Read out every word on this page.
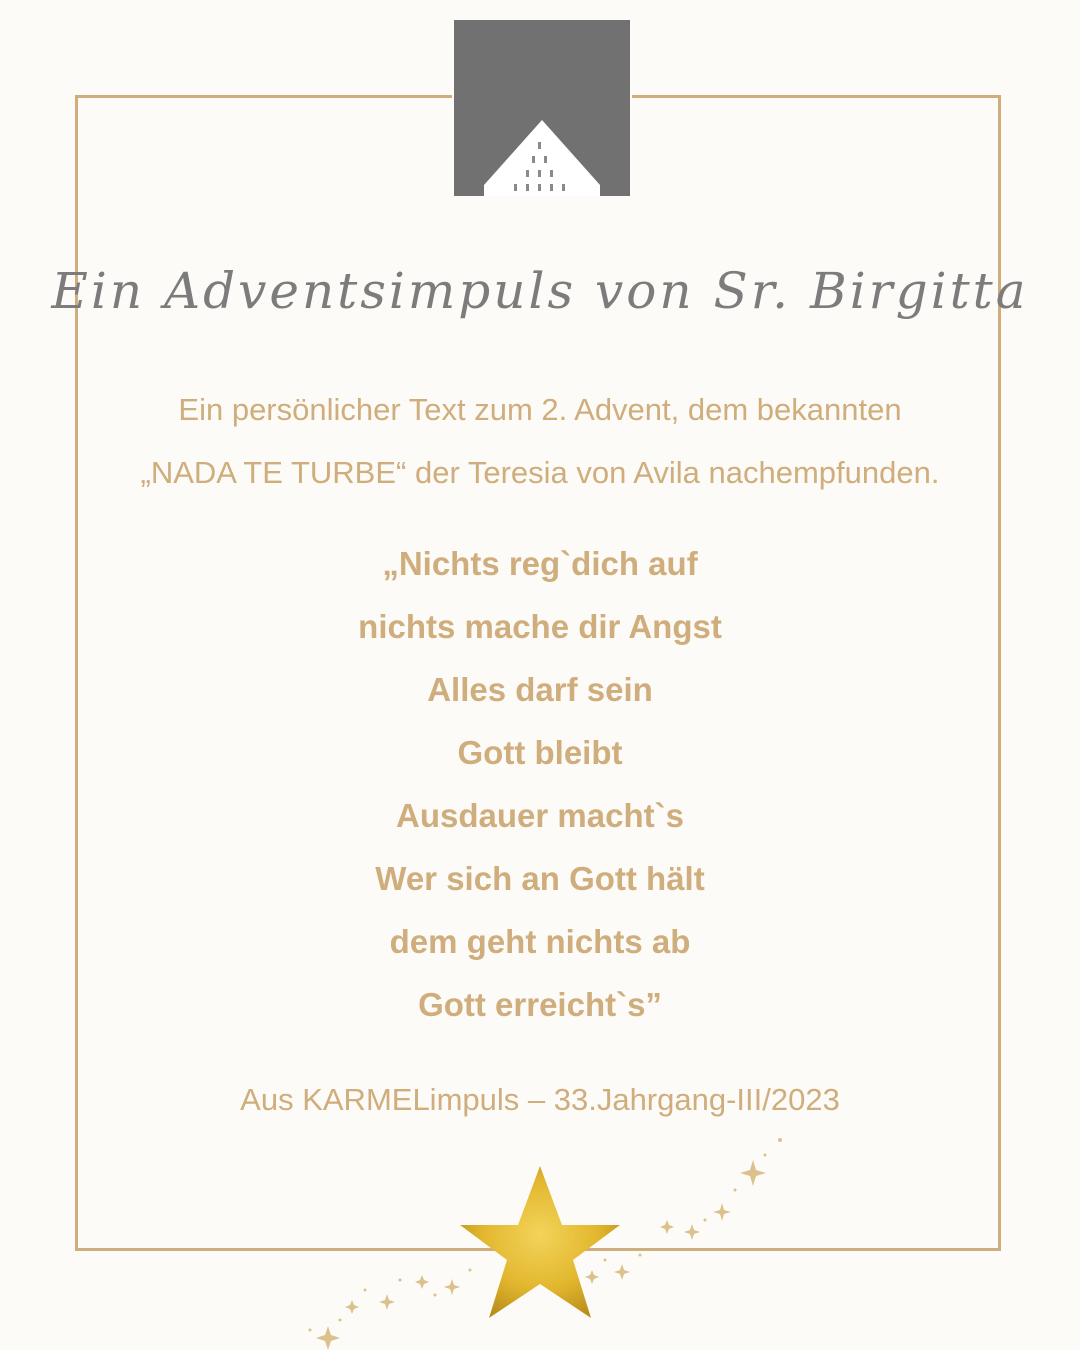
Ein Adventsimpuls von Sr. Birgitta
Ein persönlicher Text zum 2. Advent, dem bekannten
„NADA TE TURBE“ der Teresia von Avila nachempfunden.
„Nichts reg`dich auf
nichts mache dir Angst
Alles darf sein
Gott bleibt
Ausdauer macht`s
Wer sich an Gott hält
dem geht nichts ab
Gott erreicht`s”
Aus KARMELimpuls – 33.Jahrgang-III/2023
